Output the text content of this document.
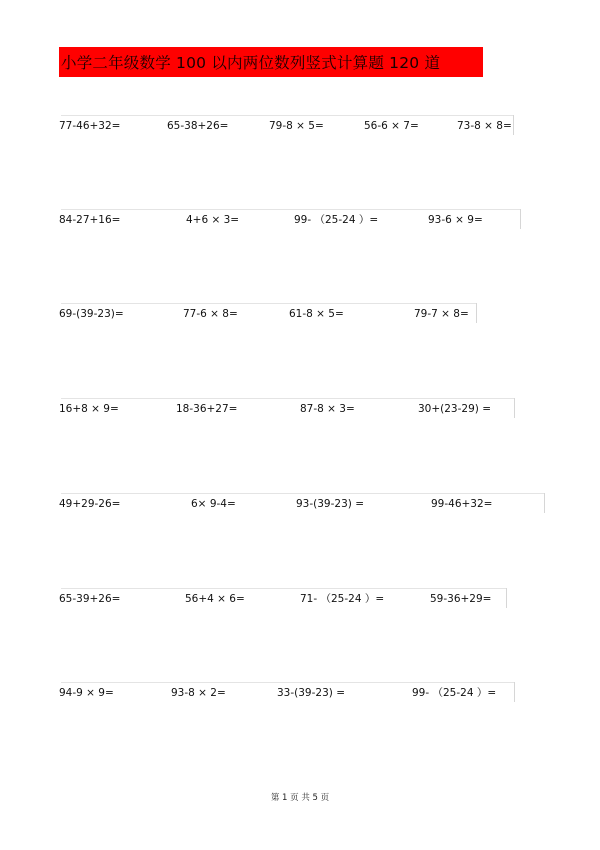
小学二年级数学 100 以内两位数列竖式计算题 120 道
77-46+32=	65-38+26=	79-8 × 5=	56-6 × 7=	73-8 × 8=
84-27+16=	4+6 × 3=	99- （25-24 ）=	93-6 × 9=
69-(39-23)=	77-6 × 8=	61-8 × 5=	79-7 × 8=
16+8 × 9=	18-36+27=	87-8 × 3=	30+(23-29) =
49+29-26=	6× 9-4=	93-(39-23) =	99-46+32=
65-39+26=	56+4 × 6=	71- （25-24 ）=	59-36+29=
94-9 × 9=	93-8 × 2=	33-(39-23) =	99- （25-24 ）=
第 1 页 共 5 页
